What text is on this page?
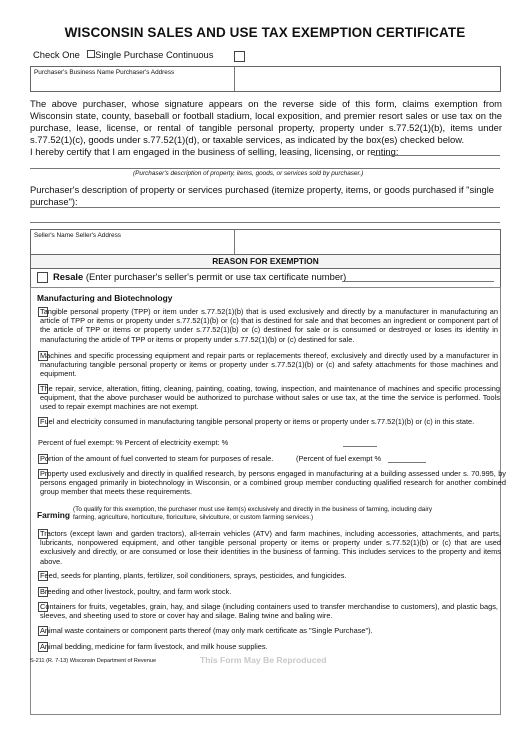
WISCONSIN SALES AND USE TAX EXEMPTION CERTIFICATE
Check One Single Purchase Continuous
Purchaser's Business Name Purchaser's Address
The above purchaser, whose signature appears on the reverse side of this form, claims exemption from Wisconsin state, county, baseball or football stadium, local exposition, and premier resort sales or use tax on the purchase, lease, license, or rental of tangible personal property, property under s.77.52(1)(b), items under s.77.52(1)(c), goods under s.77.52(1)(d), or taxable services, as indicated by the box(es) checked below.
I hereby certify that I am engaged in the business of selling, leasing, licensing, or renting:
(Purchaser's description of property, items, goods, or services sold by purchaser.)
Purchaser's description of property or services purchased (itemize property, items, or goods purchased if "single purchase"):
Seller's Name Seller's Address
REASON FOR EXEMPTION
Resale (Enter purchaser's seller's permit or use tax certificate number)
Manufacturing and Biotechnology
Tangible personal property (TPP) or item under s.77.52(1)(b) that is used exclusively and directly by a manufacturer in manufacturing an article of TPP or items or property under s.77.52(1)(b) or (c) that is destined for sale and that becomes an ingredient or component part of the article of TPP or items or property under s.77.52(1)(b) or (c) destined for sale or is consumed or destroyed or loses its identity in manufacturing the article of TPP or items or property under s.77.52(1)(b) or (c) destined for sale.
Machines and specific processing equipment and repair parts or replacements thereof, exclusively and directly used by a manufacturer in manufacturing tangible personal property or items or property under s.77.52(1)(b) or (c) and safety attachments for those machines and equipment.
The repair, service, alteration, fitting, cleaning, painting, coating, towing, inspection, and maintenance of machines and specific processing equipment, that the above purchaser would be authorized to purchase without sales or use tax, at the time the service is performed. Tools used to repair exempt machines are not exempt.
Fuel and electricity consumed in manufacturing tangible personal property or items or property under s.77.52(1)(b) or (c) in this state.
Percent of fuel exempt: % Percent of electricity exempt: %
Portion of the amount of fuel converted to steam for purposes of resale.	(Percent of fuel exempt %
Property used exclusively and directly in qualified research, by persons engaged in manufacturing at a building assessed under s. 70.995, by persons engaged primarily in biotechnology in Wisconsin, or a combined group member conducting qualified research for another combined group member that meets these requirements.
Farming
(To qualify for this exemption, the purchaser must use item(s) exclusively and directly in the business of farming, including dairy farming, agriculture, horticulture, floriculture, silviculture, or custom farming services.)
Tractors (except lawn and garden tractors), all-terrain vehicles (ATV) and farm machines, including accessories, attachments, and parts, lubricants, nonpowered equipment, and other tangible personal property or items or property under s.77.52(1)(b) or (c) that are used exclusively and directly, or are consumed or lose their identities in the business of farming. This includes services to the property and items above.
Feed, seeds for planting, plants, fertilizer, soil conditioners, sprays, pesticides, and fungicides.
Breeding and other livestock, poultry, and farm work stock.
Containers for fruits, vegetables, grain, hay, and silage (including containers used to transfer merchandise to customers), and plastic bags, sleeves, and sheeting used to store or cover hay and silage. Baling twine and baling wire.
Animal waste containers or component parts thereof (may only mark certificate as "Single Purchase").
Animal bedding, medicine for farm livestock, and milk house supplies.
S-211 (R. 7-13) Wisconsin Department of Revenue	This Form May Be Reproduced
